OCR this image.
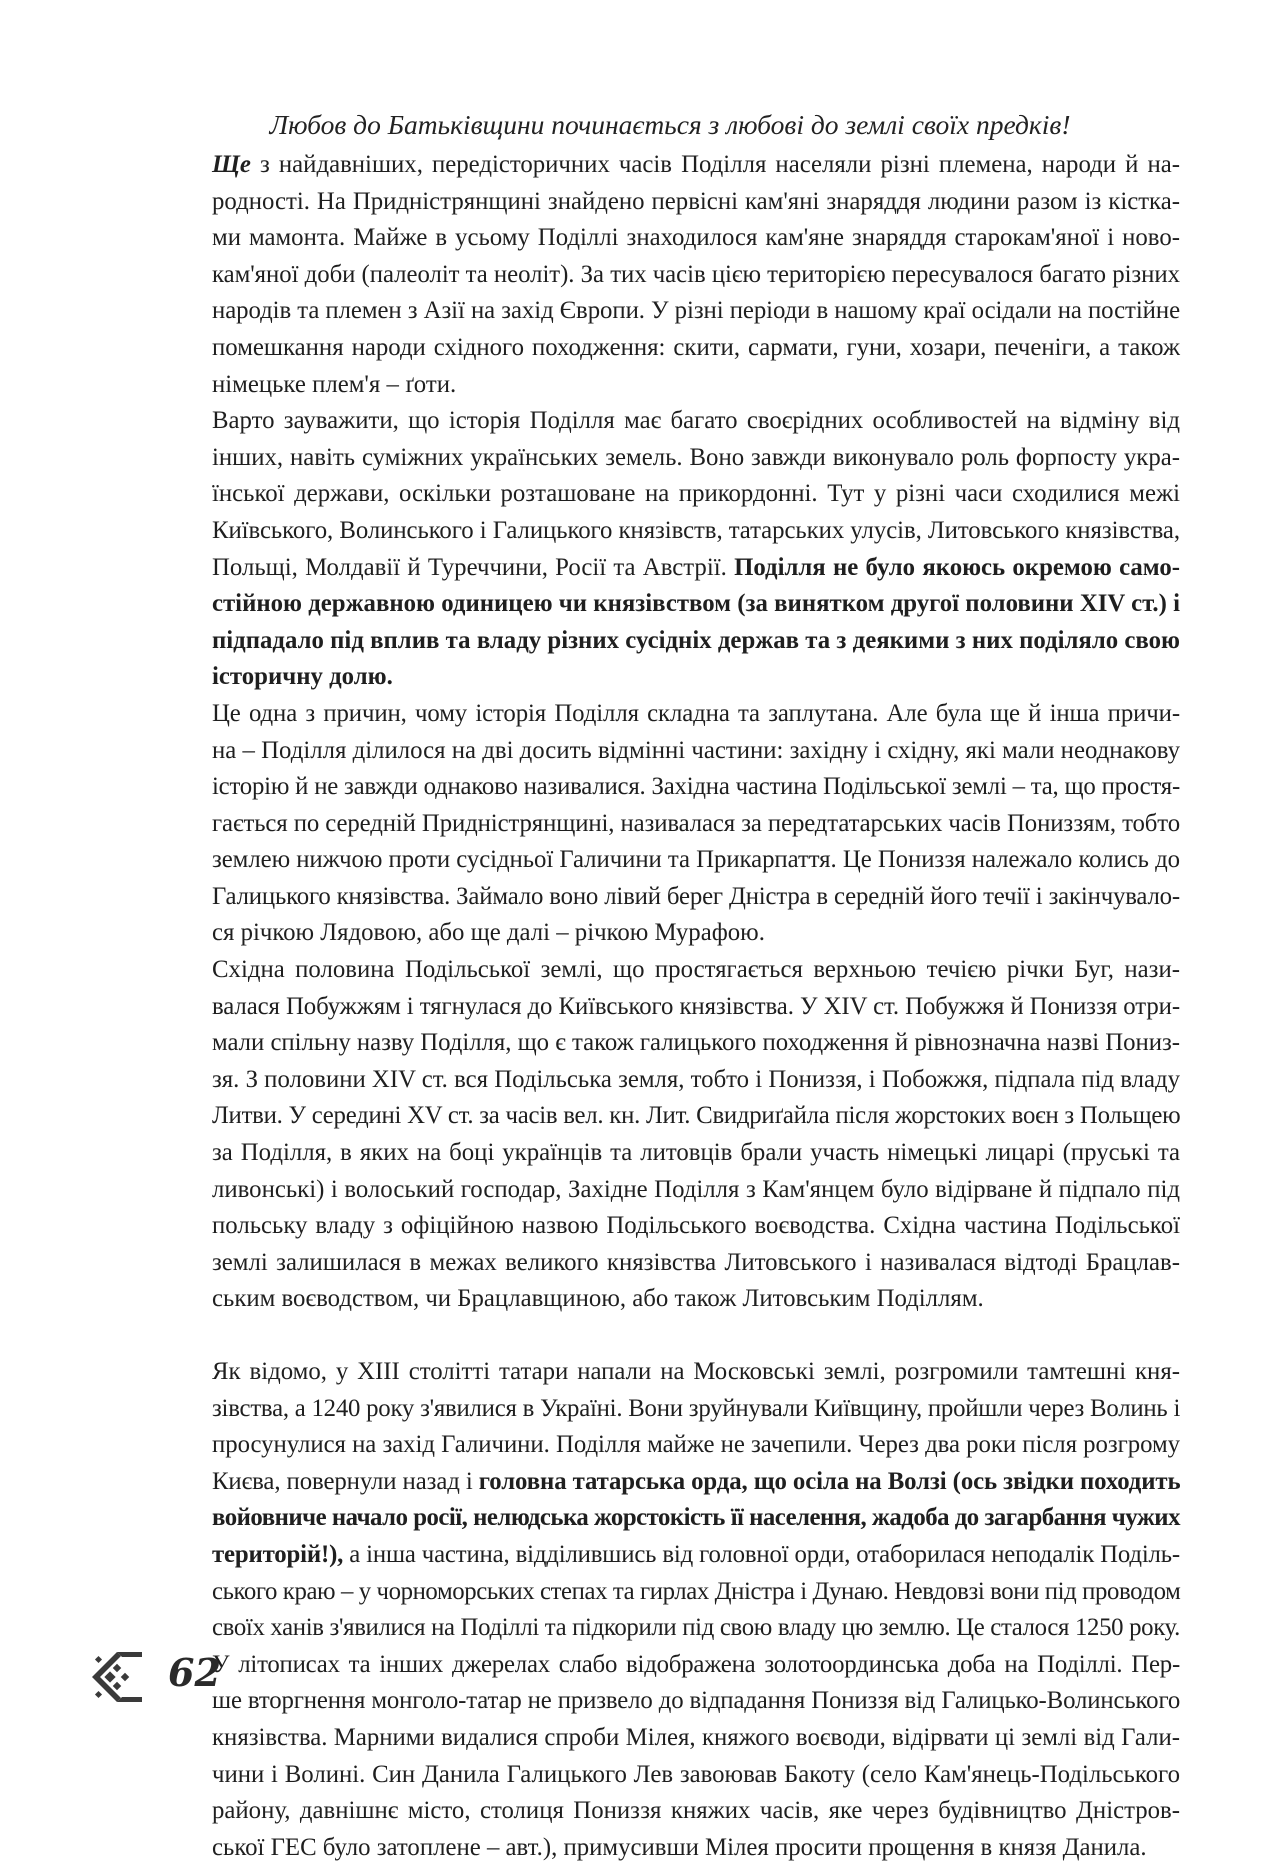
Любов до Батьківщини починається з любові до землі своїх предків!

Ще з найдавніших, передісторичних часів Поділля населяли різні племена, народи й на-
родності. На Придністрянщині знайдено первісні кам'яні знаряддя людини разом із кістка-
ми мамонта. Майже в усьому Поділлі знаходилося кам'яне знаряддя старокам'яної і ново-
кам'яної доби (палеоліт та неоліт). За тих часів цією територією пересувалося багато різних
народів та племен з Азії на захід Європи. У різні періоди в нашому краї осідали на постійне
помешкання народи східного походження: скити, сармати, гуни, хозари, печеніги, а також
німецьке плем'я – ґоти.

Варто зауважити, що історія Поділля має багато своєрідних особливостей на відміну від
інших, навіть суміжних українських земель. Воно завжди виконувало роль форпосту укра-
їнської держави, оскільки розташоване на прикордонні. Тут у різні часи сходилися межі
Київського, Волинського і Галицького князівств, татарських улусів, Литовського князівства,
Польщі, Молдавії й Туреччини, Росії та Австрії. Поділля не було якоюсь окремою само-
стійною державною одиницею чи князівством (за винятком другої половини XIV ст.) і
підпадало під вплив та владу різних сусідніх держав та з деякими з них поділяло свою
історичну долю.

Це одна з причин, чому історія Поділля складна та заплутана. Але була ще й інша причи-
на – Поділля ділилося на дві досить відмінні частини: західну і східну, які мали неоднакову
історію й не завжди однаково називалися. Західна частина Подільської землі – та, що простя-
гається по середній Придністрянщині, називалася за передтатарських часів Пониззям, тобто
землею нижчою проти сусідньої Галичини та Прикарпаття. Це Пониззя належало колись до
Галицького князівства. Займало воно лівий берег Дністра в середній його течії і закінчувало-
ся річкою Лядовою, або ще далі – річкою Мурафою.

Східна половина Подільської землі, що простягається верхньою течією річки Буг, нази-
валася Побужжям і тягнулася до Київського князівства. У XIV ст. Побужжя й Пониззя отри-
мали спільну назву Поділля, що є також галицького походження й рівнозначна назві Пониз-
зя. З половини XIV ст. вся Подільська земля, тобто і Пониззя, і Побожжя, підпала під владу
Литви. У середині XV ст. за часів вел. кн. Лит. Свидриґайла після жорстоких воєн з Польщею
за Поділля, в яких на боці українців та литовців брали участь німецькі лицарі (пруські та
ливонські) і волоський господар, Західне Поділля з Кам'янцем було відірване й підпало під
польську владу з офіційною назвою Подільського воєводства. Східна частина Подільської
землі залишилася в межах великого князівства Литовського і називалася відтоді Брацлав-
ським воєводством, чи Брацлавщиною, або також Литовським Поділлям.

Як відомо, у XIII столітті татари напали на Московські землі, розгромили тамтешні кня-
зівства, а 1240 року з'явилися в Україні. Вони зруйнували Київщину, пройшли через Волинь і
просунулися на захід Галичини. Поділля майже не зачепили. Через два роки після розгрому
Києва, повернули назад і головна татарська орда, що осіла на Волзі (ось звідки походить
войовниче начало росії, нелюдська жорстокість її населення, жадоба до загарбання чужих
територій!), а інша частина, відділившись від головної орди, отаборилася неподалік Поділь-
ського краю – у чорноморських степах та гирлах Дністра і Дунаю. Невдовзі вони під проводом
своїх ханів з'явилися на Поділлі та підкорили під свою владу цю землю. Це сталося 1250 року.

У літописах та інших джерелах слабо відображена золотоординська доба на Поділлі. Пер-
ше вторгнення монголо-татар не призвело до відпадання Пониззя від Галицько-Волинського
князівства. Марними видалися спроби Мілея, княжого воєводи, відірвати ці землі від Гали-
чини і Волині. Син Данила Галицького Лев завоював Бакоту (село Кам'янець-Подільського
району, давнішнє місто, столиця Пониззя княжих часів, яке через будівництво Дністров-
ської ГЕС було затоплене – авт.), примусивши Мілея просити прощення в князя Данила.

62
